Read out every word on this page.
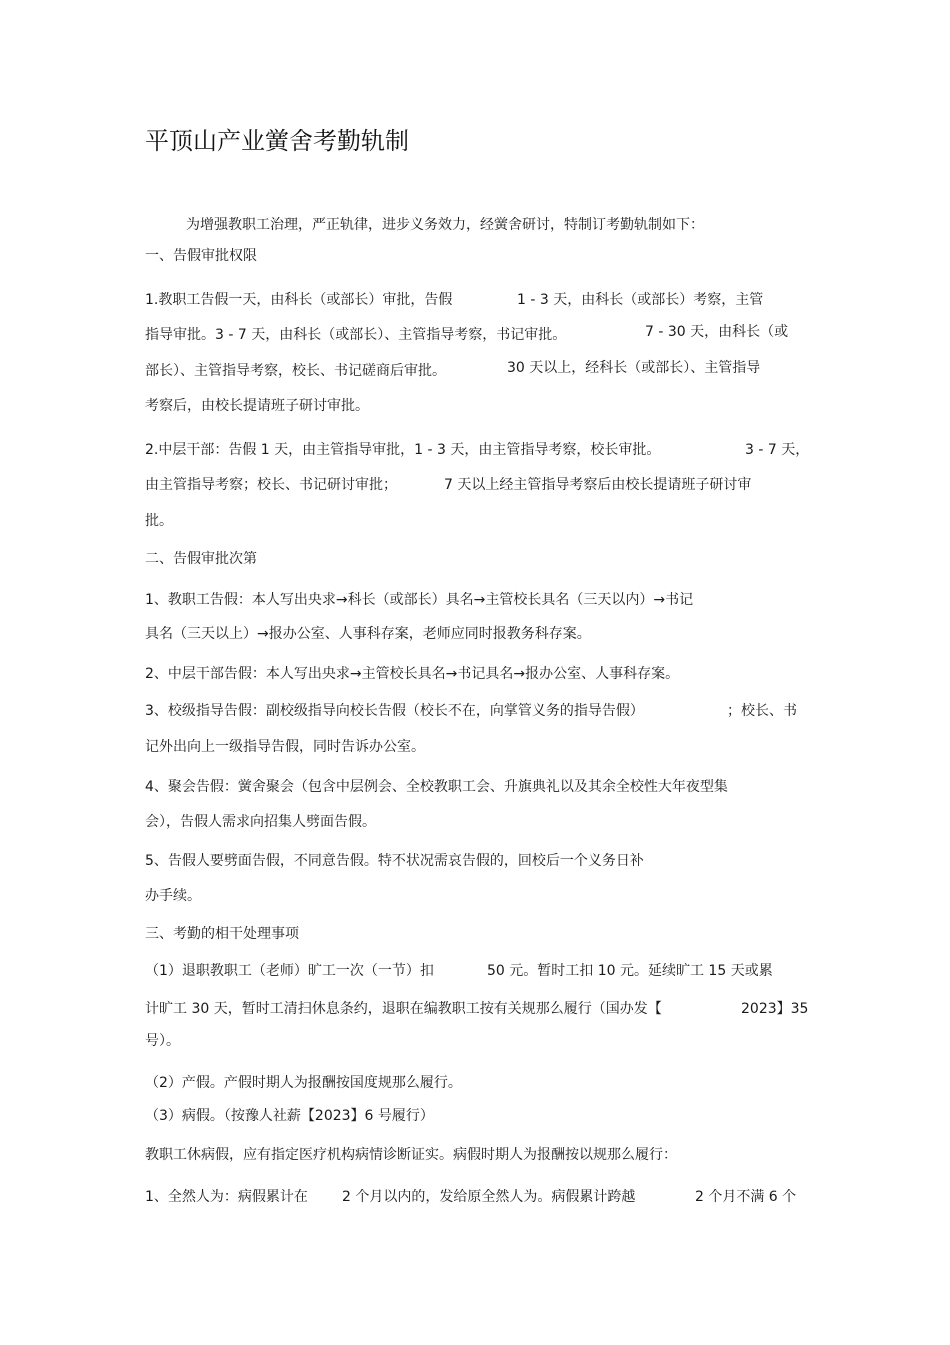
平顶山产业黉舍考勤轨制
为增强教职工治理，严正轨律，进步义务效力，经黉舍研讨，特制订考勤轨制如下：
一、告假审批权限
1.教职工告假一天，由科长（或部长）审批，告假	1 - 3 天，由科长（或部长）考察，主管
指导审批。3 - 7 天，由科长（或部长）、主管指导考察，书记审批。	7 - 30 天，由科长（或
部长）、主管指导考察，校长、书记磋商后审批。	30 天以上，经科长（或部长）、主管指导
考察后，由校长提请班子研讨审批。
2.中层干部：告假 1 天，由主管指导审批，1 - 3 天，由主管指导考察，校长审批。	3 - 7 天，
由主管指导考察；校长、书记研讨审批；	7 天以上经主管指导考察后由校长提请班子研讨审
批。
二、告假审批次第
1、教职工告假：本人写出央求→科长（或部长）具名→主管校长具名（三天以内）→书记
具名（三天以上）→报办公室、人事科存案，老师应同时报教务科存案。
2、中层干部告假：本人写出央求→主管校长具名→书记具名→报办公室、人事科存案。
3、校级指导告假：副校级指导向校长告假（校长不在，向掌管义务的指导告假）	；校长、书
记外出向上一级指导告假，同时告诉办公室。
4、聚会告假：黉舍聚会（包含中层例会、全校教职工会、升旗典礼以及其余全校性大年夜型集
会），告假人需求向招集人劈面告假。
5、告假人要劈面告假，不同意告假。特不状况需哀告假的，回校后一个义务日补
办手续。
三、考勤的相干处理事项
（1）退职教职工（老师）旷工一次（一节）扣	50 元。暂时工扣 10 元。延续旷工 15 天或累
计旷工 30 天，暂时工清扫休息条约，退职在编教职工按有关规那么履行（国办发【	2023】35
号）。
（2）产假。产假时期人为报酬按国度规那么履行。
（3）病假。（按豫人社薪【2023】6 号履行）
教职工休病假，应有指定医疗机构病情诊断证实。病假时期人为报酬按以规那么履行：
1、全然人为：病假累计在 2 个月以内的，发给原全然人为。病假累计跨越	2 个月不满 6 个
